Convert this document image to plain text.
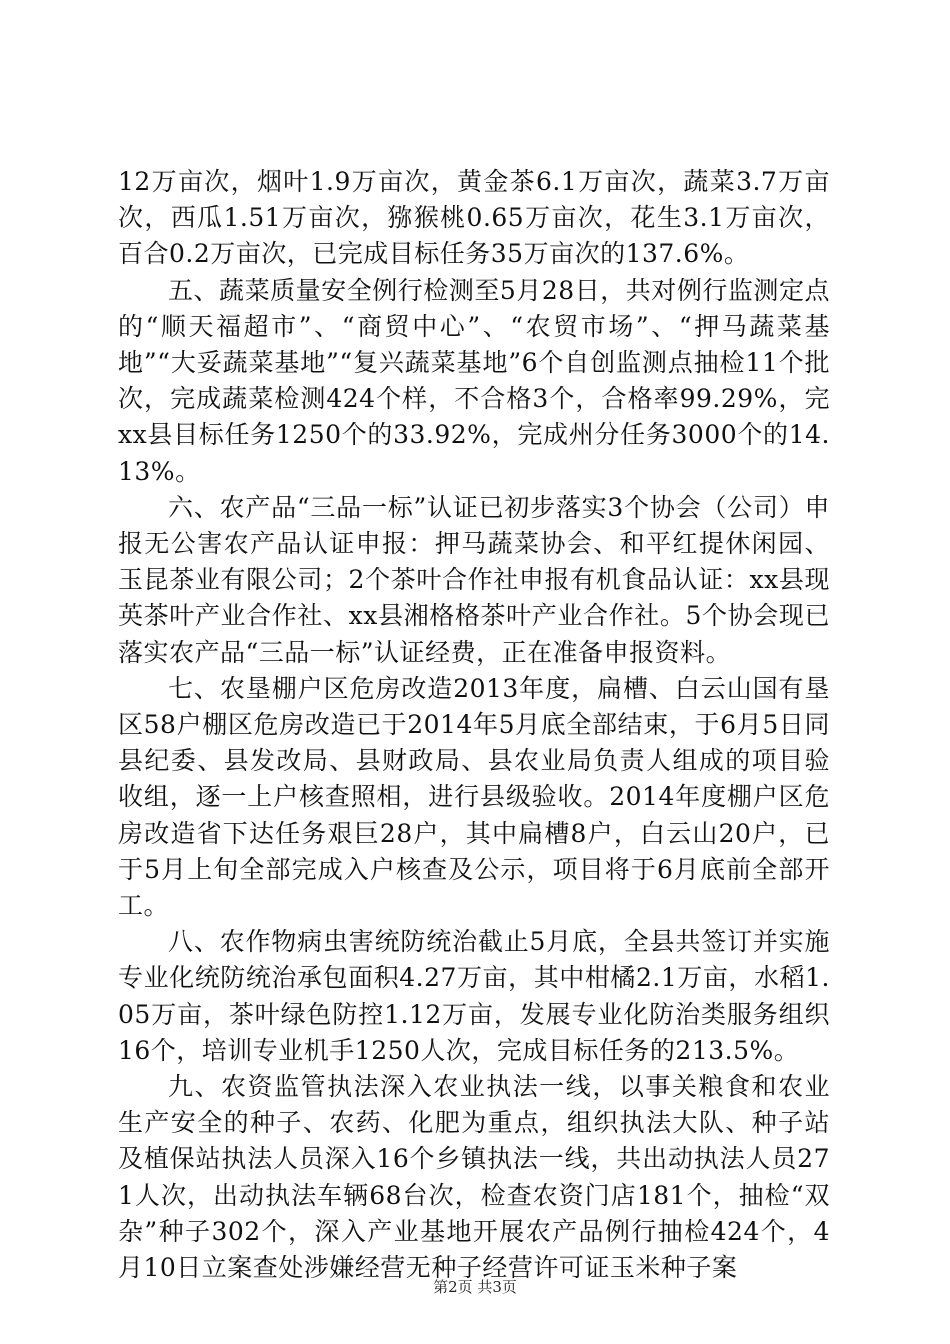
12万亩次，烟叶1.9万亩次，黄金茶6.1万亩次，蔬菜3.7万亩次，西瓜1.51万亩次，猕猴桃0.65万亩次，花生3.1万亩次，百合0.2万亩次，已完成目标任务35万亩次的137.6%。

五、蔬菜质量安全例行检测至5月28日，共对例行监测定点的“顺天福超市”、“商贸中心”、“农贸市场”、“押马蔬菜基地”“大妥蔬菜基地”“复兴蔬菜基地”6个自创监测点抽检11个批次，完成蔬菜检测424个样，不合格3个，合格率99.29%，完xx县目标任务1250个的33.92%，完成州分任务3000个的14.13%。

六、农产品“三品一标”认证已初步落实3个协会（公司）申报无公害农产品认证申报：押马蔬菜协会、和平红提休闲园、玉昆茶业有限公司；2个茶叶合作社申报有机食品认证：xx县现英茶叶产业合作社、xx县湘格格茶叶产业合作社。5个协会现已落实农产品“三品一标”认证经费，正在准备申报资料。

七、农垦棚户区危房改造2013年度，扁槽、白云山国有垦区58户棚区危房改造已于2014年5月底全部结束，于6月5日同县纪委、县发改局、县财政局、县农业局负责人组成的项目验收组，逐一上户核查照相，进行县级验收。2014年度棚户区危房改造省下达任务艰巨28户，其中扁槽8户，白云山20户，已于5月上旬全部完成入户核查及公示，项目将于6月底前全部开工。

八、农作物病虫害统防统治截止5月底，全县共签订并实施专业化统防统治承包面积4.27万亩，其中柑橘2.1万亩，水稻1.05万亩，茶叶绿色防控1.12万亩，发展专业化防治类服务组织16个，培训专业机手1250人次，完成目标任务的213.5%。

九、农资监管执法深入农业执法一线，以事关粮食和农业生产安全的种子、农药、化肥为重点，组织执法大队、种子站及植保站执法人员深入16个乡镇执法一线，共出动执法人员271人次，出动执法车辆68台次，检查农资门店181个，抽检“双杂”种子302个，深入产业基地开展农产品例行抽检424个，4月10日立案查处涉嫌经营无种子经营许可证玉米种子案

第2页 共3页
